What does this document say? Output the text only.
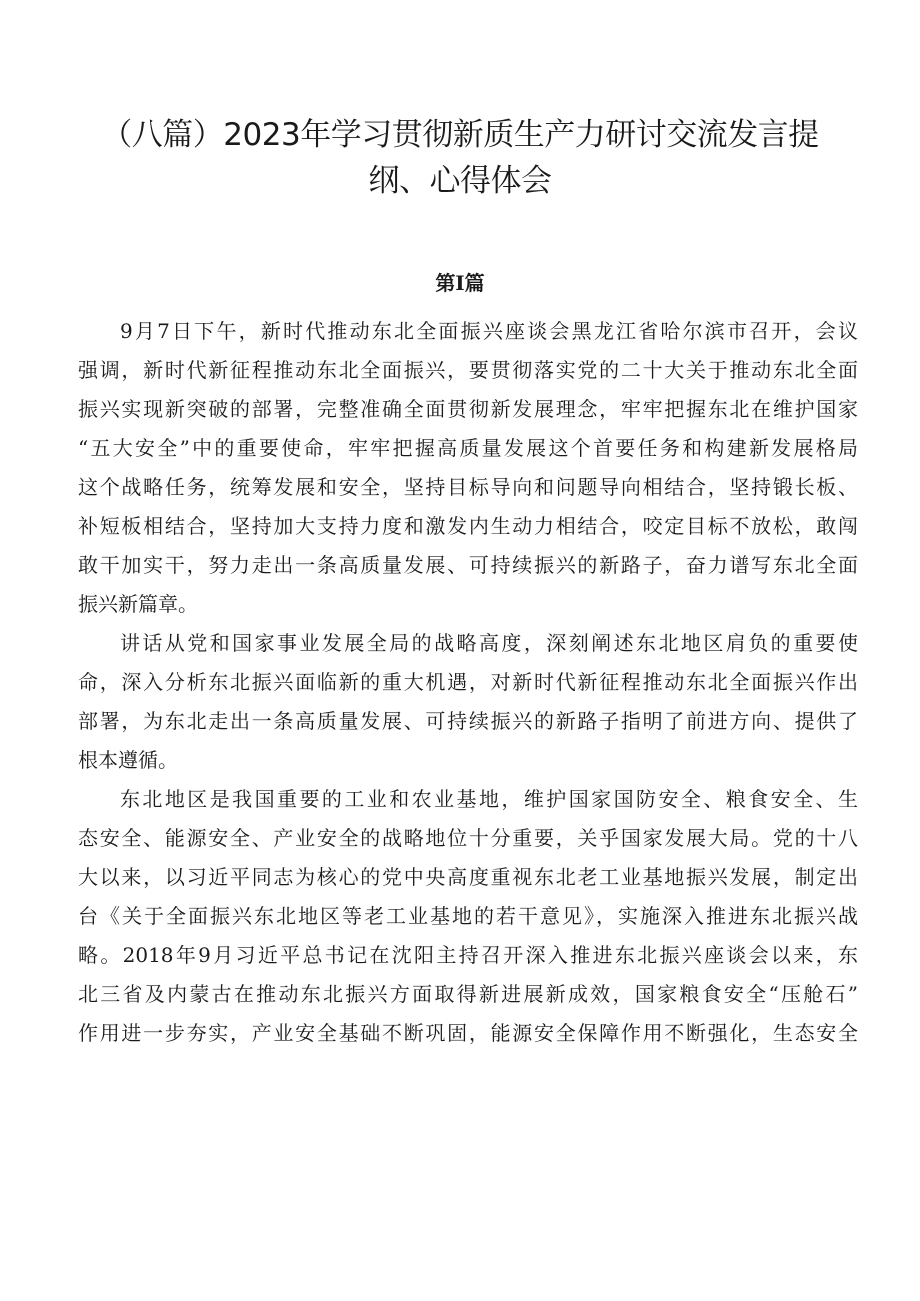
（八篇）2023年学习贯彻新质生产力研讨交流发言提
纲、心得体会
第I篇

9月7日下午，新时代推动东北全面振兴座谈会黑龙江省哈尔滨市召开，会议
强调，新时代新征程推动东北全面振兴，要贯彻落实党的二十大关于推动东北全面
振兴实现新突破的部署，完整准确全面贯彻新发展理念，牢牢把握东北在维护国家
“五大安全”中的重要使命，牢牢把握高质量发展这个首要任务和构建新发展格局
这个战略任务，统筹发展和安全，坚持目标导向和问题导向相结合，坚持锻长板、
补短板相结合，坚持加大支持力度和激发内生动力相结合，咬定目标不放松，敢闯
敢干加实干，努力走出一条高质量发展、可持续振兴的新路子，奋力谱写东北全面
振兴新篇章。

讲话从党和国家事业发展全局的战略高度，深刻阐述东北地区肩负的重要使
命，深入分析东北振兴面临新的重大机遇，对新时代新征程推动东北全面振兴作出
部署，为东北走出一条高质量发展、可持续振兴的新路子指明了前进方向、提供了
根本遵循。

东北地区是我国重要的工业和农业基地，维护国家国防安全、粮食安全、生
态安全、能源安全、产业安全的战略地位十分重要，关乎国家发展大局。党的十八
大以来，以习近平同志为核心的党中央高度重视东北老工业基地振兴发展，制定出
台《关于全面振兴东北地区等老工业基地的若干意见》，实施深入推进东北振兴战
略。2018年9月习近平总书记在沈阳主持召开深入推进东北振兴座谈会以来，东
北三省及内蒙古在推动东北振兴方面取得新进展新成效，国家粮食安全“压舱石”
作用进一步夯实，产业安全基础不断巩固，能源安全保障作用不断强化，生态安全
